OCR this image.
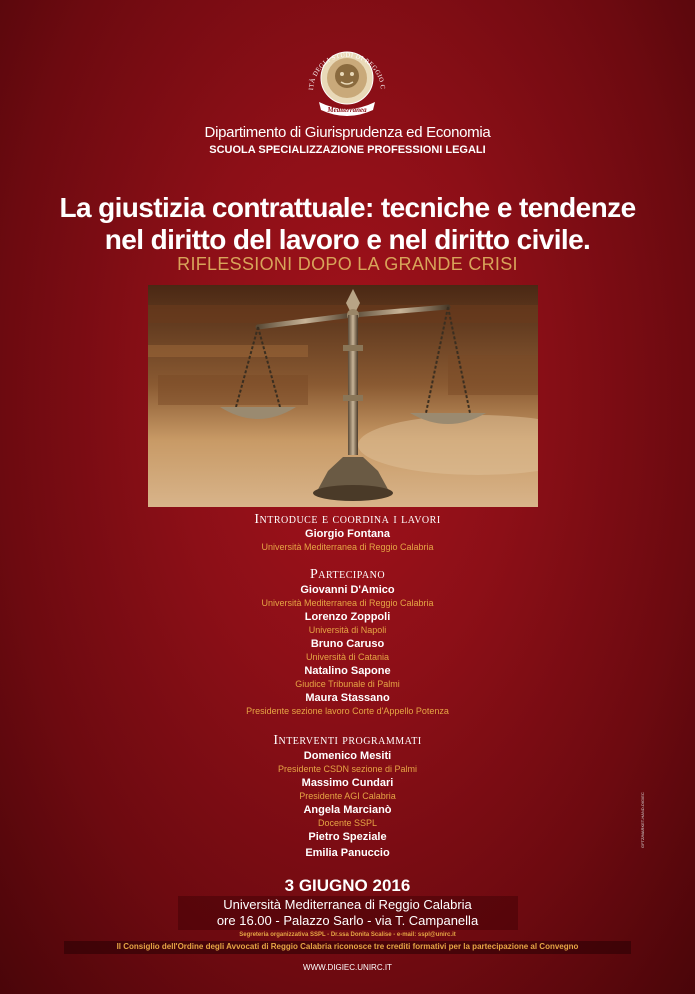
ITÀ DEGLI STUDI DI REGGIO C
Mediterranea
Dipartimento di Giurisprudenza ed Economia
SCUOLA SPECIALIZZAZIONE PROFESSIONI LEGALI
La giustizia contrattuale: tecniche e tendenze
nel diritto del lavoro e nel diritto civile.
RIFLESSIONI DOPO LA GRANDE CRISI
Introduce e coordina i lavori
Giorgio Fontana
Università Mediterranea di Reggio Calabria
Partecipano
Giovanni D'Amico
Università Mediterranea di Reggio Calabria
Lorenzo Zoppoli
Università di Napoli
Bruno Caruso
Università di Catania
Natalino Sapone
Giudice Tribunale di Palmi
Maura Stassano
Presidente sezione lavoro Corte d'Appello Potenza
Interventi programmati
Domenico Mesiti
Presidente CSDN sezione di Palmi
Massimo Cundari
Presidente AGI Calabria
Angela Marcianò
Docente SSPL
Pietro Speziale
Emilia Panuccio
3 GIUGNO 2016
Università Mediterranea di Reggio Calabria
ore 16.00 - Palazzo Sarlo - via T. Campanella
Segreteria organizzativa SSPL - Dr.ssa Donita Scalise - e-mail: sspl@unirc.it
Il Consiglio dell'Ordine degli Avvocati di Reggio Calabria riconosce tre crediti formativi per la partecipazione al Convegno
WWW.DIGIEC.UNIRC.IT
GFTZ/MARKET-HAND-DIGIEC
